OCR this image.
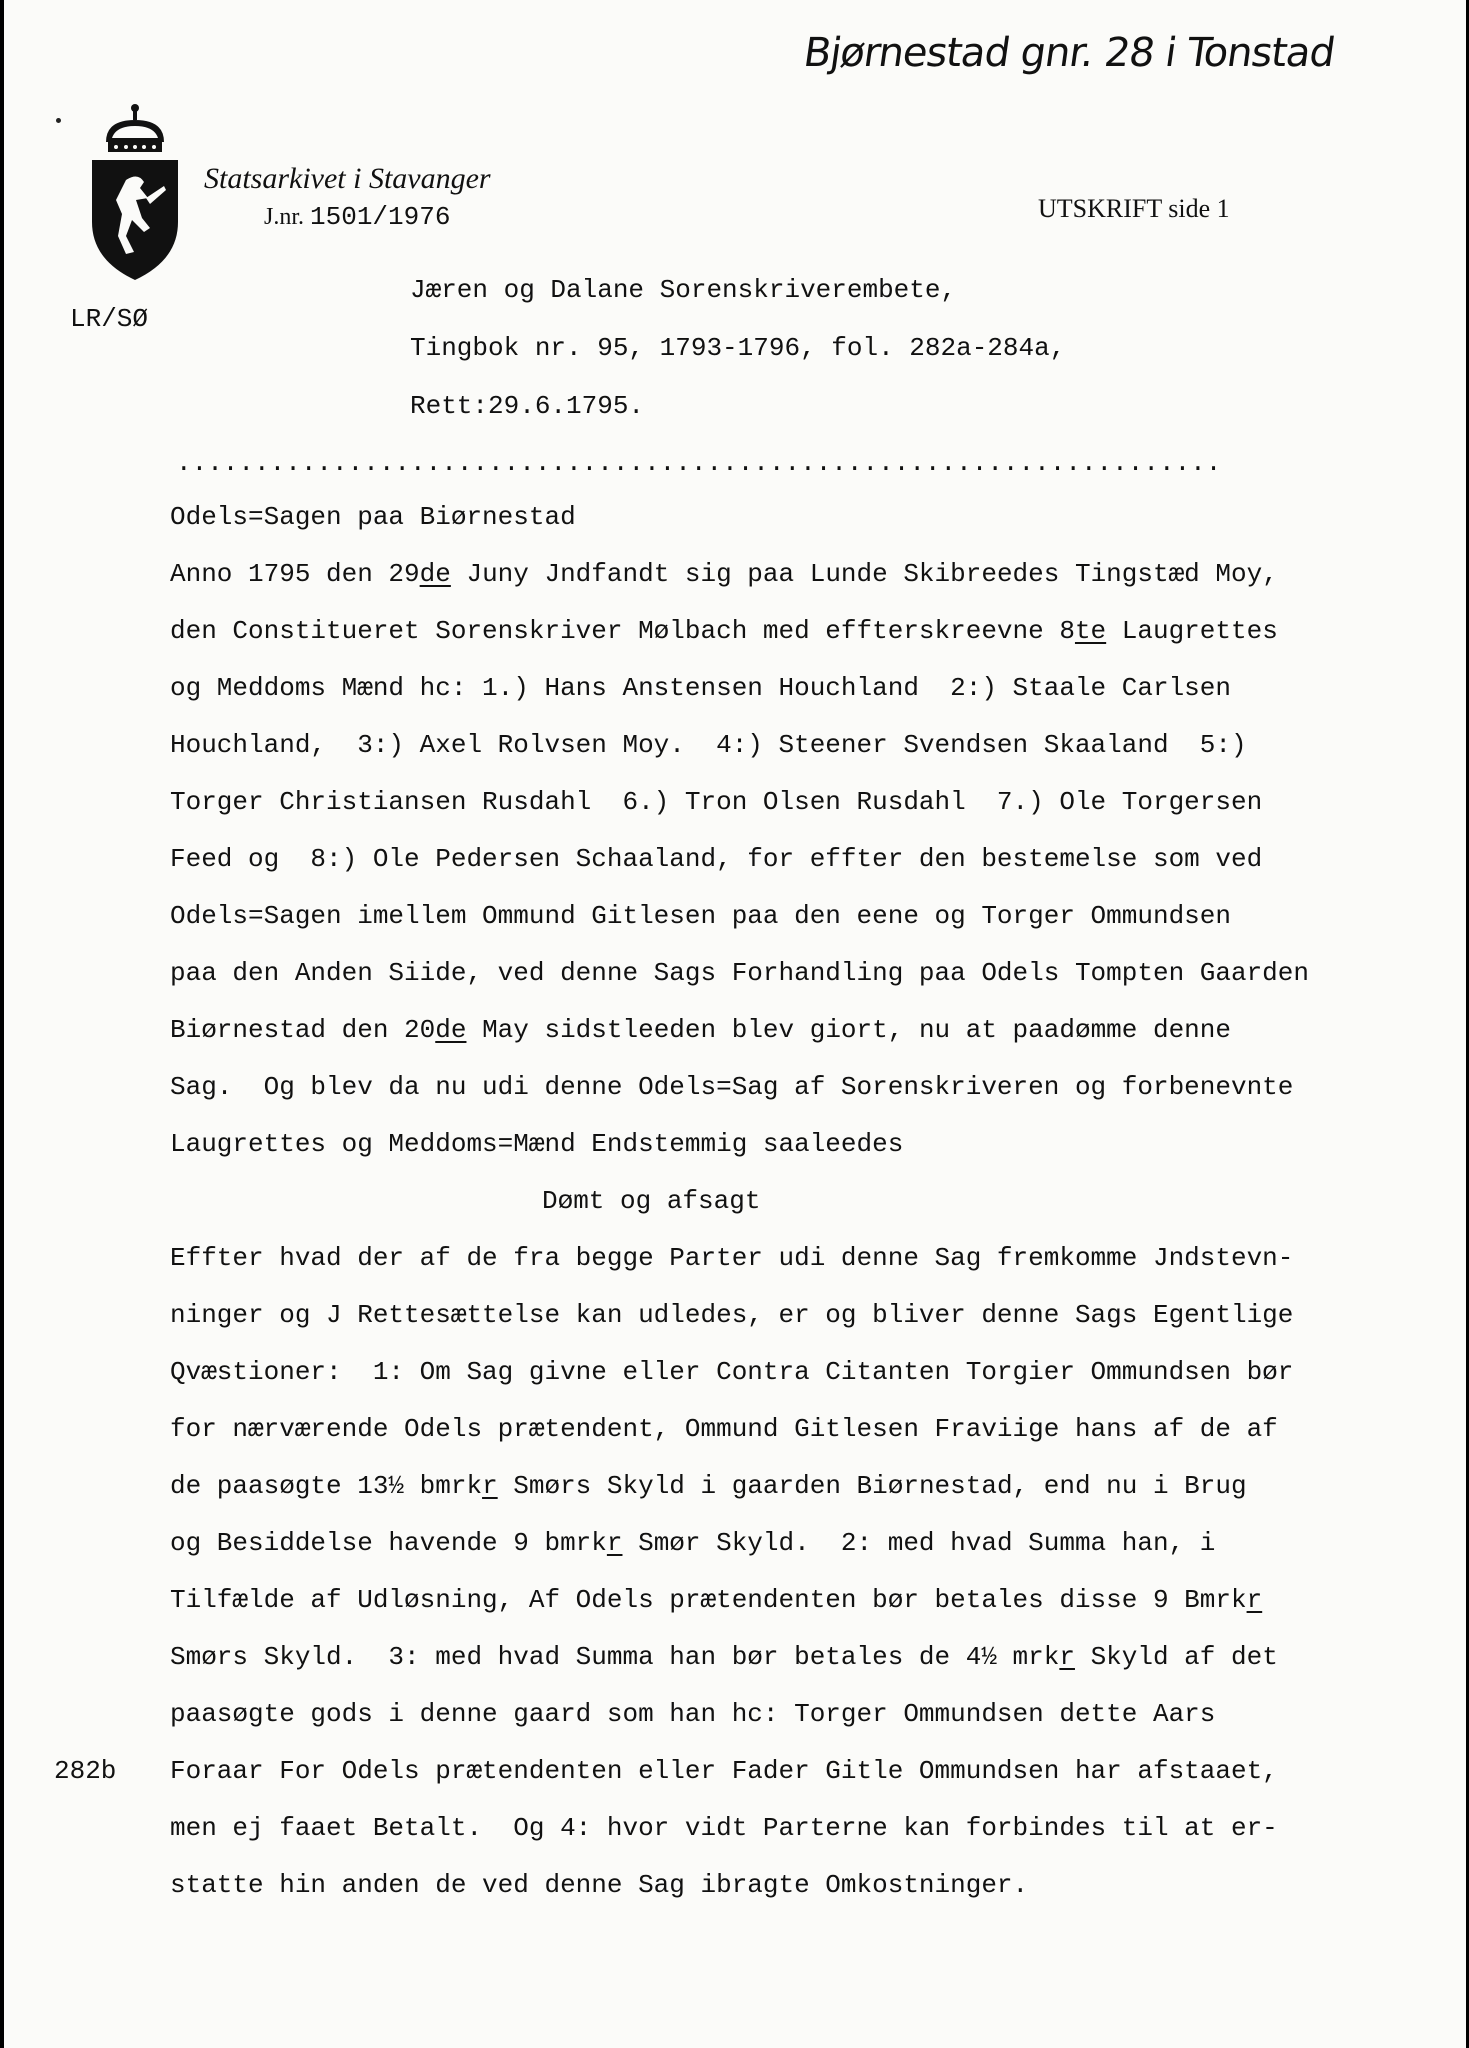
Bjørnestad gnr. 28 i Tonstad
Statsarkivet i Stavanger
J.nr. 1501/1976	UTSKRIFT side 1
LR/SØ
Jæren og Dalane Sorenskriverembete,
Tingbok nr. 95, 1793-1796, fol. 282a-284a,
Rett:29.6.1795.
...................................................................
Odels=Sagen paa Biørnestad
Anno 1795 den 29de Juny Jndfandt sig paa Lunde Skibreedes Tingstæd Moy,
den Constitueret Sorenskriver Mølbach med effterskreevne 8te Laugrettes
og Meddoms Mænd hc: 1.) Hans Anstensen Houchland  2:) Staale Carlsen
Houchland,  3:) Axel Rolvsen Moy.  4:) Steener Svendsen Skaaland  5:)
Torger Christiansen Rusdahl  6.) Tron Olsen Rusdahl  7.) Ole Torgersen
Feed og  8:) Ole Pedersen Schaaland, for effter den bestemelse som ved
Odels=Sagen imellem Ommund Gitlesen paa den eene og Torger Ommundsen
paa den Anden Siide, ved denne Sags Forhandling paa Odels Tompten Gaarden
Biørnestad den 20de May sidstleeden blev giort, nu at paadømme denne
Sag.  Og blev da nu udi denne Odels=Sag af Sorenskriveren og forbenevnte
Laugrettes og Meddoms=Mænd Endstemmig saaleedes
Dømt og afsagt
Effter hvad der af de fra begge Parter udi denne Sag fremkomme Jndstevn-
ninger og J Rettesættelse kan udledes, er og bliver denne Sags Egentlige
Qvæstioner:  1: Om Sag givne eller Contra Citanten Torgier Ommundsen bør
for nærværende Odels prætendent, Ommund Gitlesen Fraviige hans af de af
de paasøgte 13½ bmrkr Smørs Skyld i gaarden Biørnestad, end nu i Brug
og Besiddelse havende 9 bmrkr Smør Skyld.  2: med hvad Summa han, i
Tilfælde af Udløsning, Af Odels prætendenten bør betales disse 9 Bmrkr
Smørs Skyld.  3: med hvad Summa han bør betales de 4½ mrkr Skyld af det
paasøgte gods i denne gaard som han hc: Torger Ommundsen dette Aars
282b Foraar For Odels prætendenten eller Fader Gitle Ommundsen har afstaaet,
men ej faaet Betalt.  Og 4: hvor vidt Parterne kan forbindes til at er-
statte hin anden de ved denne Sag ibragte Omkostninger.
